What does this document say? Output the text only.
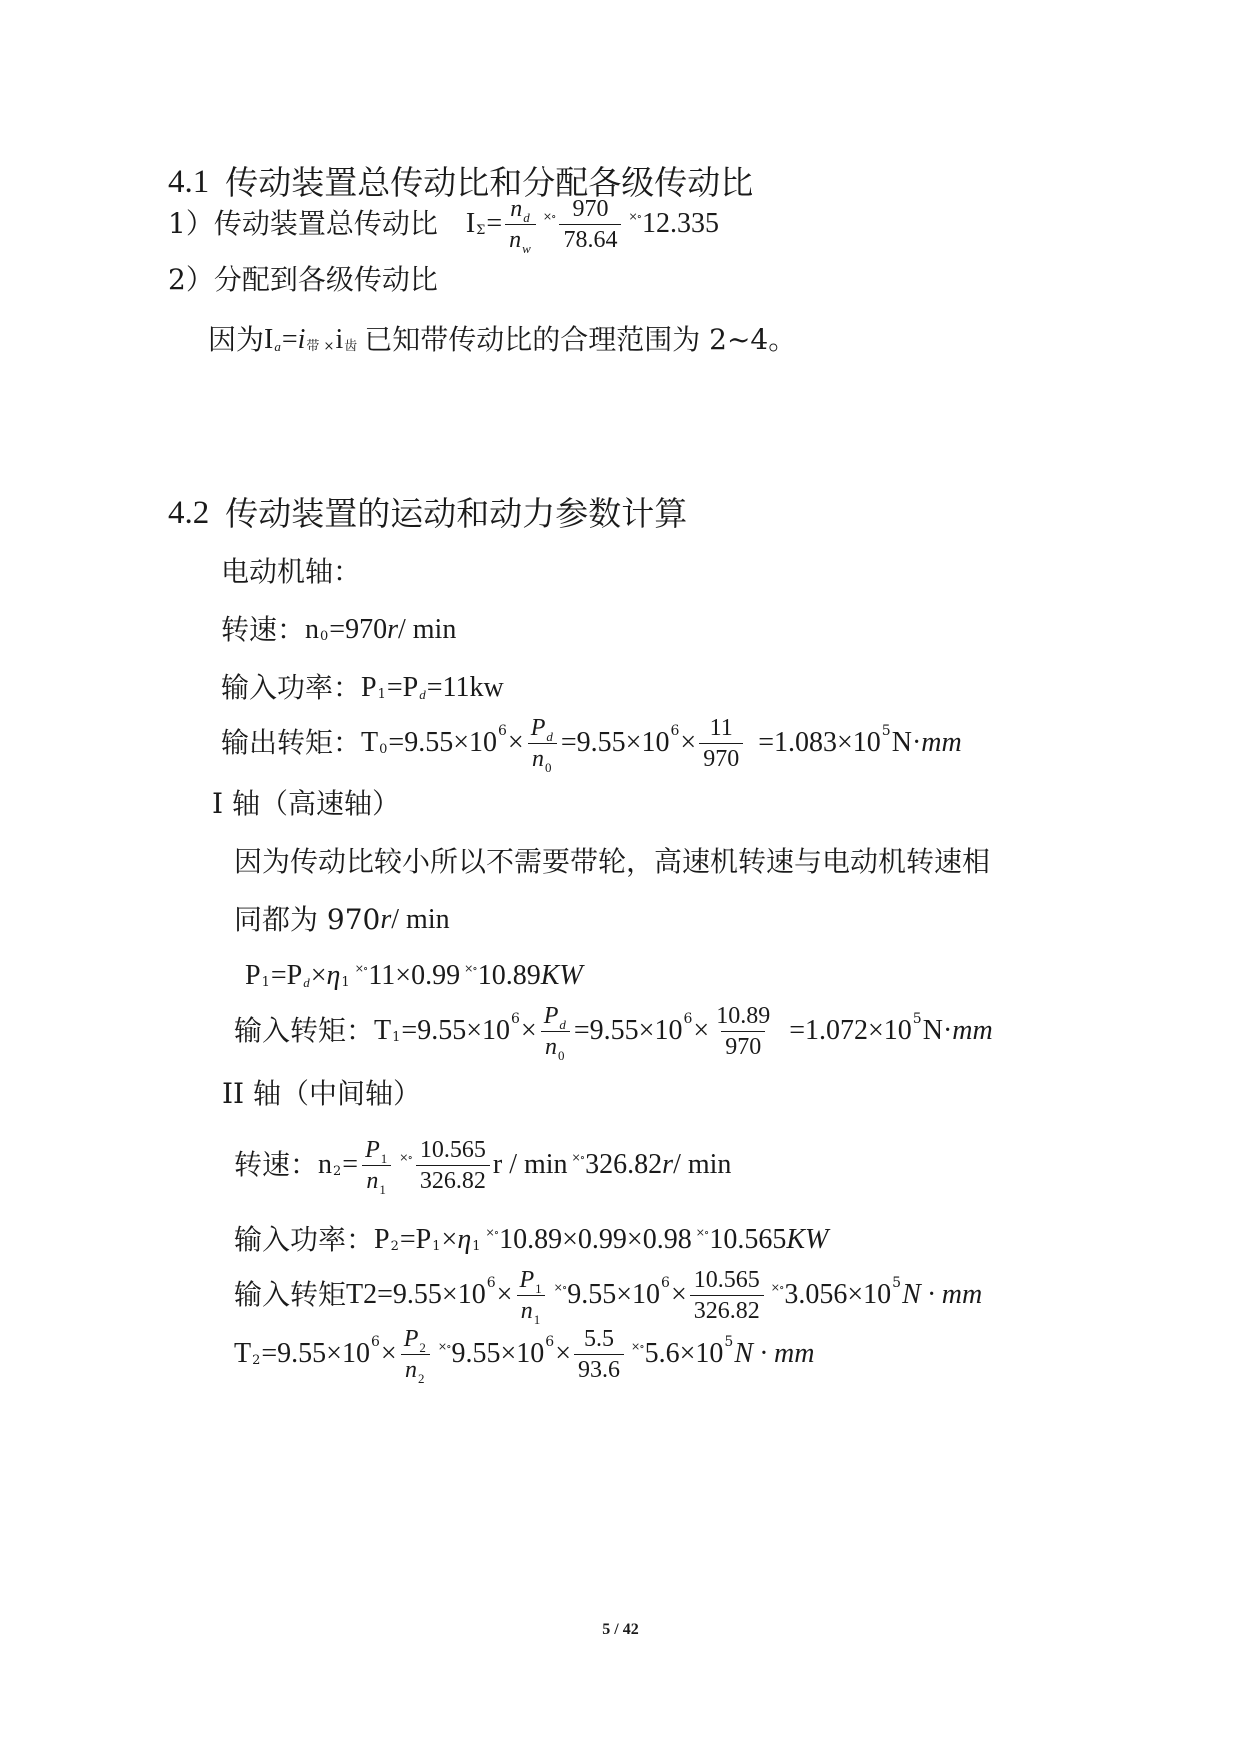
4.1 传动装置总传动比和分配各级传动比
1）传动装置总传动比 I $\Sigma = \frac{n_d}{n_w}$ ×∘ $\frac{970}{78.64}$ ×∘ 12.335
2）分配到各级传动比
因为 I a = i 带 × i 齿 已知带传动比的合理范围为 2~4。
4.2 传动装置的运动和动力参数计算
电动机轴：
转速： n 0 =970 r / min
输入功率： P 1 =P d =11kw
输出转矩： T 0 =9.55×10 $6 \times \frac{P_d}{n_0} =9.55\times 10$ $6 \times \frac{11}{970} =1.083\times 10$ 5 N · mm
I 轴（高速轴）
因为传动比较小所以不需要带轮，高速机转速与电动机转速相
同都为 970 r / min
P 1 =P d × η 1
×∘ 11×0.99 ×∘ 10.89 KW
输入转矩： T 1 =9.55×10 $6 \times \frac{P_d}{n_0} =9.55\times 10$ $6 \times \frac{10.89}{970} =1.072\times 10$ 5 N · mm
II 轴（中间轴）
转速： n $2 = \frac{P_1}{n_1}$ ×∘ $\frac{10.565}{326.82}$ r / min ×∘ 326.82 r / min
输入功率： P 2 =P 1 × η 1
×∘ 10.89×0.99×0.98 ×∘ 10.565 KW
输入转矩 T2 =9.55×10 $6 \times \frac{P_1}{n_1}$ ×∘ 9.55×10 $6 \times \frac{10.565}{326.82}$ ×∘ 3.056×10 5 N · mm
T 2 =9.55×10 $6 \times \frac{P_2}{n_2}$ ×∘ 9.55×10 $6 \times \frac{5.5}{93.6}$ ×∘ 5.6×10 5 N · mm
5 / 42
